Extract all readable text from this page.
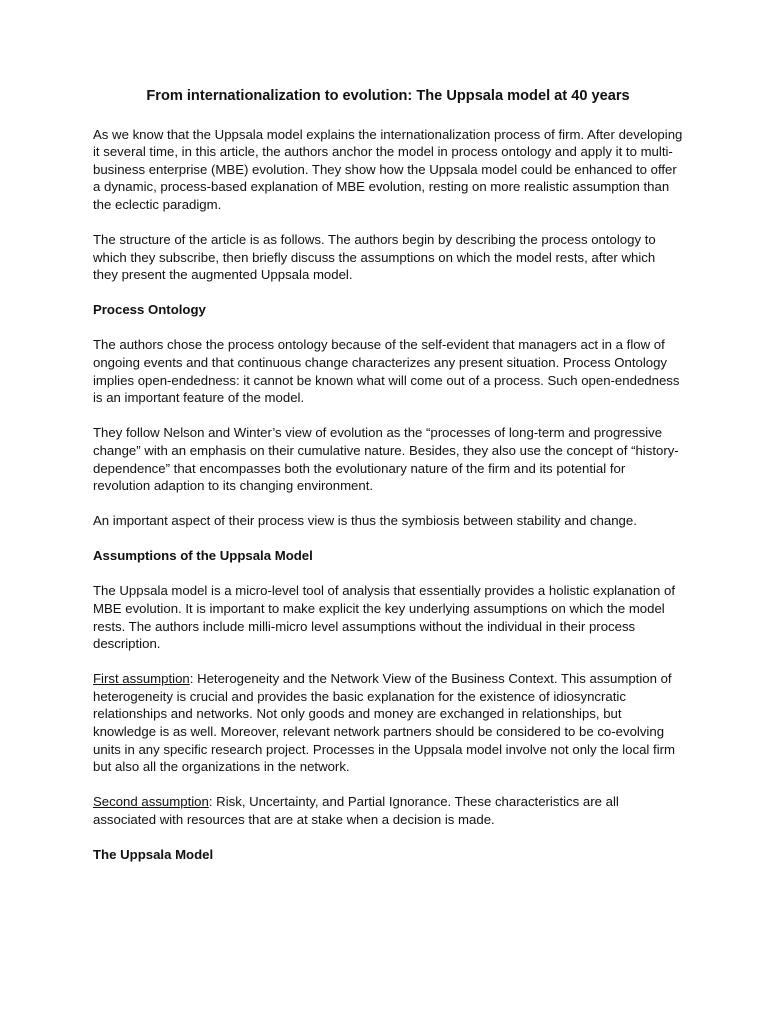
From internationalization to evolution: The Uppsala model at 40 years

As we know that the Uppsala model explains the internationalization process of firm. After developing it several time, in this article, the authors anchor the model in process ontology and apply it to multi-business enterprise (MBE) evolution. They show how the Uppsala model could be enhanced to offer a dynamic, process-based explanation of MBE evolution, resting on more realistic assumption than the eclectic paradigm.

The structure of the article is as follows. The authors begin by describing the process ontology to which they subscribe, then briefly discuss the assumptions on which the model rests, after which they present the augmented Uppsala model.

Process Ontology

The authors chose the process ontology because of the self-evident that managers act in a flow of ongoing events and that continuous change characterizes any present situation. Process Ontology implies open-endedness: it cannot be known what will come out of a process. Such open-endedness is an important feature of the model.

They follow Nelson and Winter’s view of evolution as the “processes of long-term and progressive change” with an emphasis on their cumulative nature. Besides, they also use the concept of “history-dependence” that encompasses both the evolutionary nature of the firm and its potential for revolution adaption to its changing environment.

An important aspect of their process view is thus the symbiosis between stability and change.

Assumptions of the Uppsala Model

The Uppsala model is a micro-level tool of analysis that essentially provides a holistic explanation of MBE evolution. It is important to make explicit the key underlying assumptions on which the model rests. The authors include milli-micro level assumptions without the individual in their process description.

First assumption: Heterogeneity and the Network View of the Business Context. This assumption of heterogeneity is crucial and provides the basic explanation for the existence of idiosyncratic relationships and networks. Not only goods and money are exchanged in relationships, but knowledge is as well. Moreover, relevant network partners should be considered to be co-evolving units in any specific research project. Processes in the Uppsala model involve not only the local firm but also all the organizations in the network.

Second assumption: Risk, Uncertainty, and Partial Ignorance. These characteristics are all associated with resources that are at stake when a decision is made.

The Uppsala Model
